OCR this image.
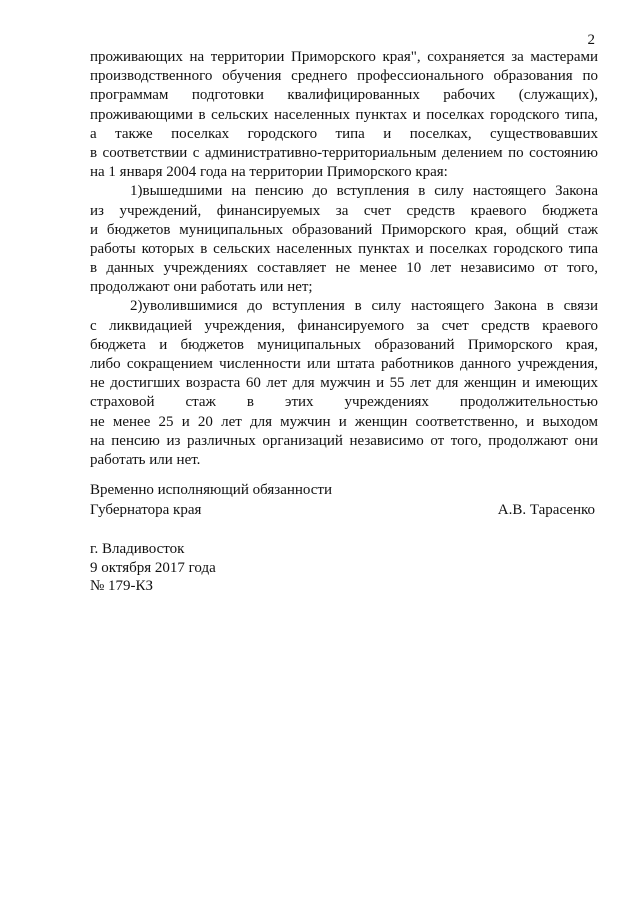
2
проживающих на территории Приморского края", сохраняется за мастерами
производственного обучения среднего профессионального образования по
программам подготовки квалифицированных рабочих (служащих),
проживающими в сельских населенных пунктах и поселках городского типа,
а также поселках городского типа и поселках, существовавших
в соответствии с административно-территориальным делением по состоянию
на 1 января 2004 года на территории Приморского края:
1)вышедшими на пенсию до вступления в силу настоящего Закона
из учреждений, финансируемых за счет средств краевого бюджета
и бюджетов муниципальных образований Приморского края, общий стаж
работы которых в сельских населенных пунктах и поселках городского типа
в данных учреждениях составляет не менее 10 лет независимо от того,
продолжают они работать или нет;
2)уволившимися до вступления в силу настоящего Закона в связи
с ликвидацией учреждения, финансируемого за счет средств краевого
бюджета и бюджетов муниципальных образований Приморского края,
либо сокращением численности или штата работников данного учреждения,
не достигших возраста 60 лет для мужчин и 55 лет для женщин и имеющих
страховой стаж в этих учреждениях продолжительностью
не менее 25 и 20 лет для мужчин и женщин соответственно, и выходом
на пенсию из различных организаций независимо от того, продолжают они
работать или нет.
Временно исполняющий обязанности
Губернатора края	А.В. Тарасенко
г. Владивосток
9 октября 2017 года
№ 179-КЗ
